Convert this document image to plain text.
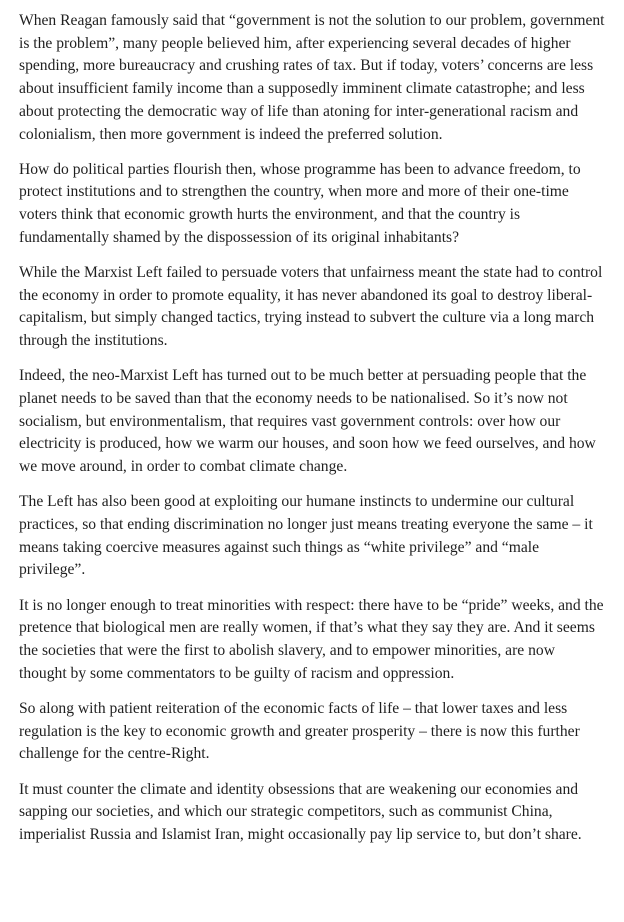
When Reagan famously said that “government is not the solution to our problem, government is the problem”, many people believed him, after experiencing several decades of higher spending, more bureaucracy and crushing rates of tax. But if today, voters’ concerns are less about insufficient family income than a supposedly imminent climate catastrophe; and less about protecting the democratic way of life than atoning for inter-generational racism and colonialism, then more government is indeed the preferred solution.

How do political parties flourish then, whose programme has been to advance freedom, to protect institutions and to strengthen the country, when more and more of their one-time voters think that economic growth hurts the environment, and that the country is fundamentally shamed by the dispossession of its original inhabitants?

While the Marxist Left failed to persuade voters that unfairness meant the state had to control the economy in order to promote equality, it has never abandoned its goal to destroy liberal-capitalism, but simply changed tactics, trying instead to subvert the culture via a long march through the institutions.

Indeed, the neo-Marxist Left has turned out to be much better at persuading people that the planet needs to be saved than that the economy needs to be nationalised. So it’s now not socialism, but environmentalism, that requires vast government controls: over how our electricity is produced, how we warm our houses, and soon how we feed ourselves, and how we move around, in order to combat climate change.

The Left has also been good at exploiting our humane instincts to undermine our cultural practices, so that ending discrimination no longer just means treating everyone the same – it means taking coercive measures against such things as “white privilege” and “male privilege”.

It is no longer enough to treat minorities with respect: there have to be “pride” weeks, and the pretence that biological men are really women, if that’s what they say they are. And it seems the societies that were the first to abolish slavery, and to empower minorities, are now thought by some commentators to be guilty of racism and oppression.

So along with patient reiteration of the economic facts of life – that lower taxes and less regulation is the key to economic growth and greater prosperity – there is now this further challenge for the centre-Right.

It must counter the climate and identity obsessions that are weakening our economies and sapping our societies, and which our strategic competitors, such as communist China, imperialist Russia and Islamist Iran, might occasionally pay lip service to, but don’t share.
